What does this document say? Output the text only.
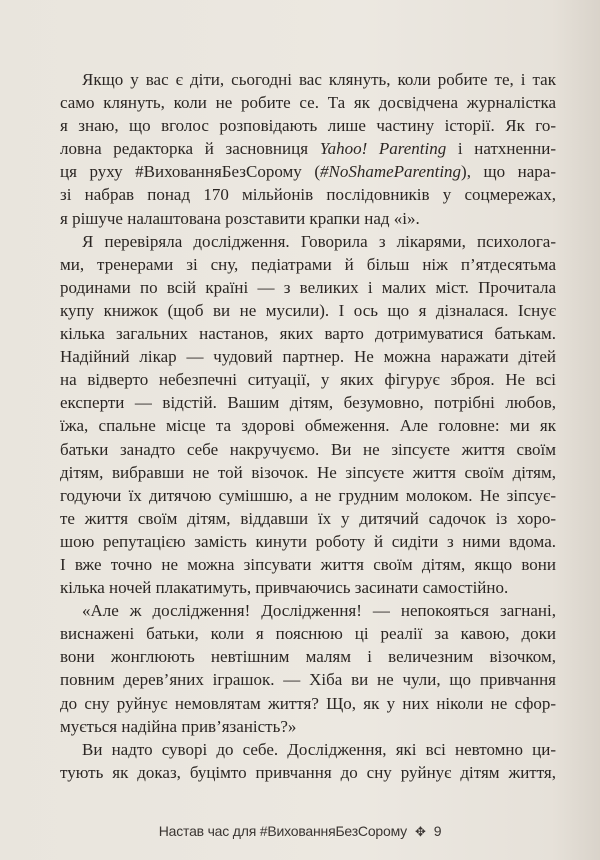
Якщо у вас є діти, сьогодні вас клянуть, коли робите те, і так
само клянуть, коли не робите се. Та як досвідчена журналістка
я знаю, що вголос розповідають лише частину історії. Як го-
ловна редакторка й засновниця Yahoo! Parenting і натхненни-
ця руху #ВихованняБезСорому (#NoShameParenting), що нара-
зі набрав понад 170 мільйонів послідовників у соцмережах,
я рішуче налаштована розставити крапки над «і».
Я перевіряла дослідження. Говорила з лікарями, психолога-
ми, тренерами зі сну, педіатрами й більш ніж п’ятдесятьма
родинами по всій країні — з великих і малих міст. Прочитала
купу книжок (щоб ви не мусили). І ось що я дізналася. Існує
кілька загальних настанов, яких варто дотримуватися батькам.
Надійний лікар — чудовий партнер. Не можна наражати дітей
на відверто небезпечні ситуації, у яких фігурує зброя. Не всі
експерти — відстій. Вашим дітям, безумовно, потрібні любов,
їжа, спальне місце та здорові обмеження. Але головне: ми як
батьки занадто себе накручуємо. Ви не зіпсуєте життя своїм
дітям, вибравши не той візочок. Не зіпсуєте життя своїм дітям,
годуючи їх дитячою сумішшю, а не грудним молоком. Не зіпсує-
те життя своїм дітям, віддавши їх у дитячий садочок із хоро-
шою репутацією замість кинути роботу й сидіти з ними вдома.
І вже точно не можна зіпсувати життя своїм дітям, якщо вони
кілька ночей плакатимуть, привчаючись засинати самостійно.
«Але ж дослідження! Дослідження! — непокояться загнані,
виснажені батьки, коли я пояснюю ці реалії за кавою, доки
вони жонглюють невтішним малям і величезним візочком,
повним дерев’яних іграшок. — Хіба ви не чули, що привчання
до сну руйнує немовлятам життя? Що, як у них ніколи не сфор-
мується надійна прив’язаність?»
Ви надто суворі до себе. Дослідження, які всі невтомно ци-
тують як доказ, буцімто привчання до сну руйнує дітям життя,
Настав час для #ВихованняБезСорому ✥ 9
